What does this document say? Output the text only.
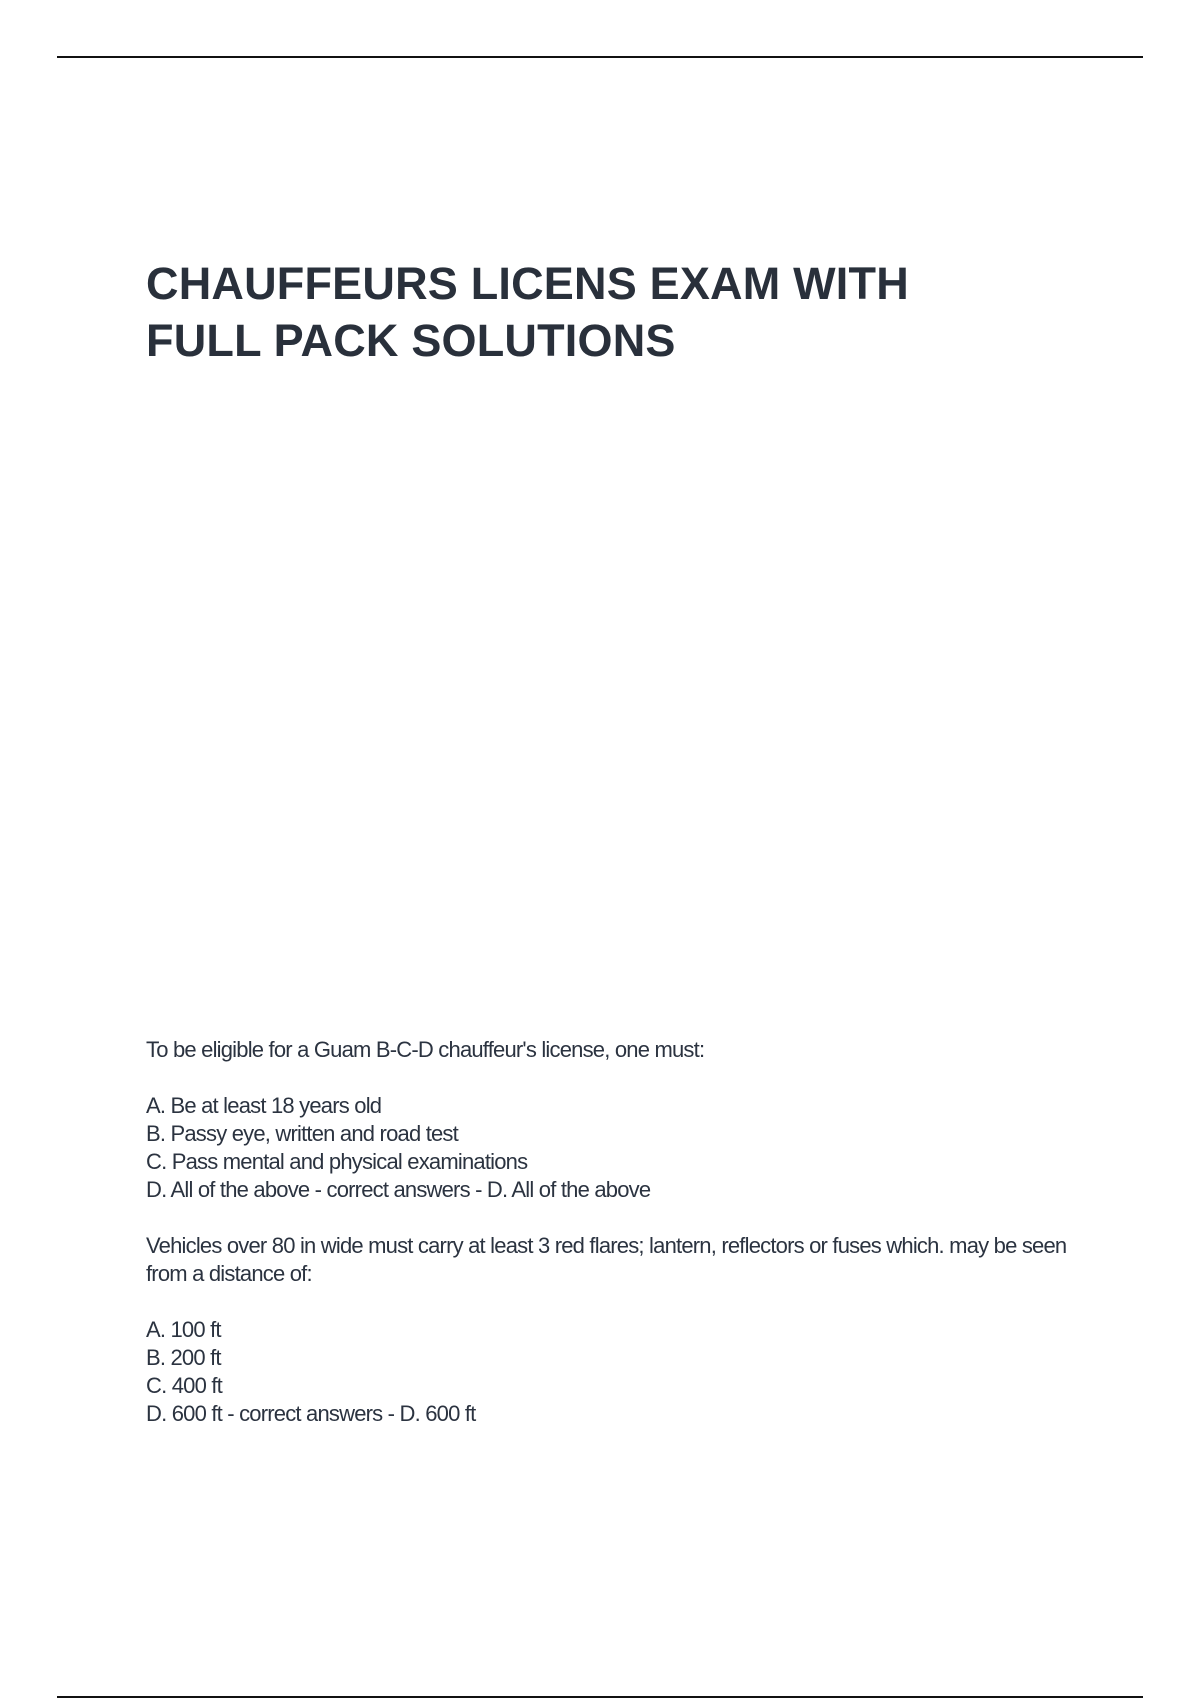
CHAUFFEURS LICENS EXAM WITH
FULL PACK SOLUTIONS

To be eligible for a Guam B-C-D chauffeur's license, one must:

A. Be at least 18 years old
B. Passy eye, written and road test
C. Pass mental and physical examinations
D. All of the above - correct answers - D. All of the above

Vehicles over 80 in wide must carry at least 3 red flares; lantern, reflectors or fuses which. may be seen from a distance of:

A. 100 ft
B. 200 ft
C. 400 ft
D. 600 ft - correct answers - D. 600 ft
